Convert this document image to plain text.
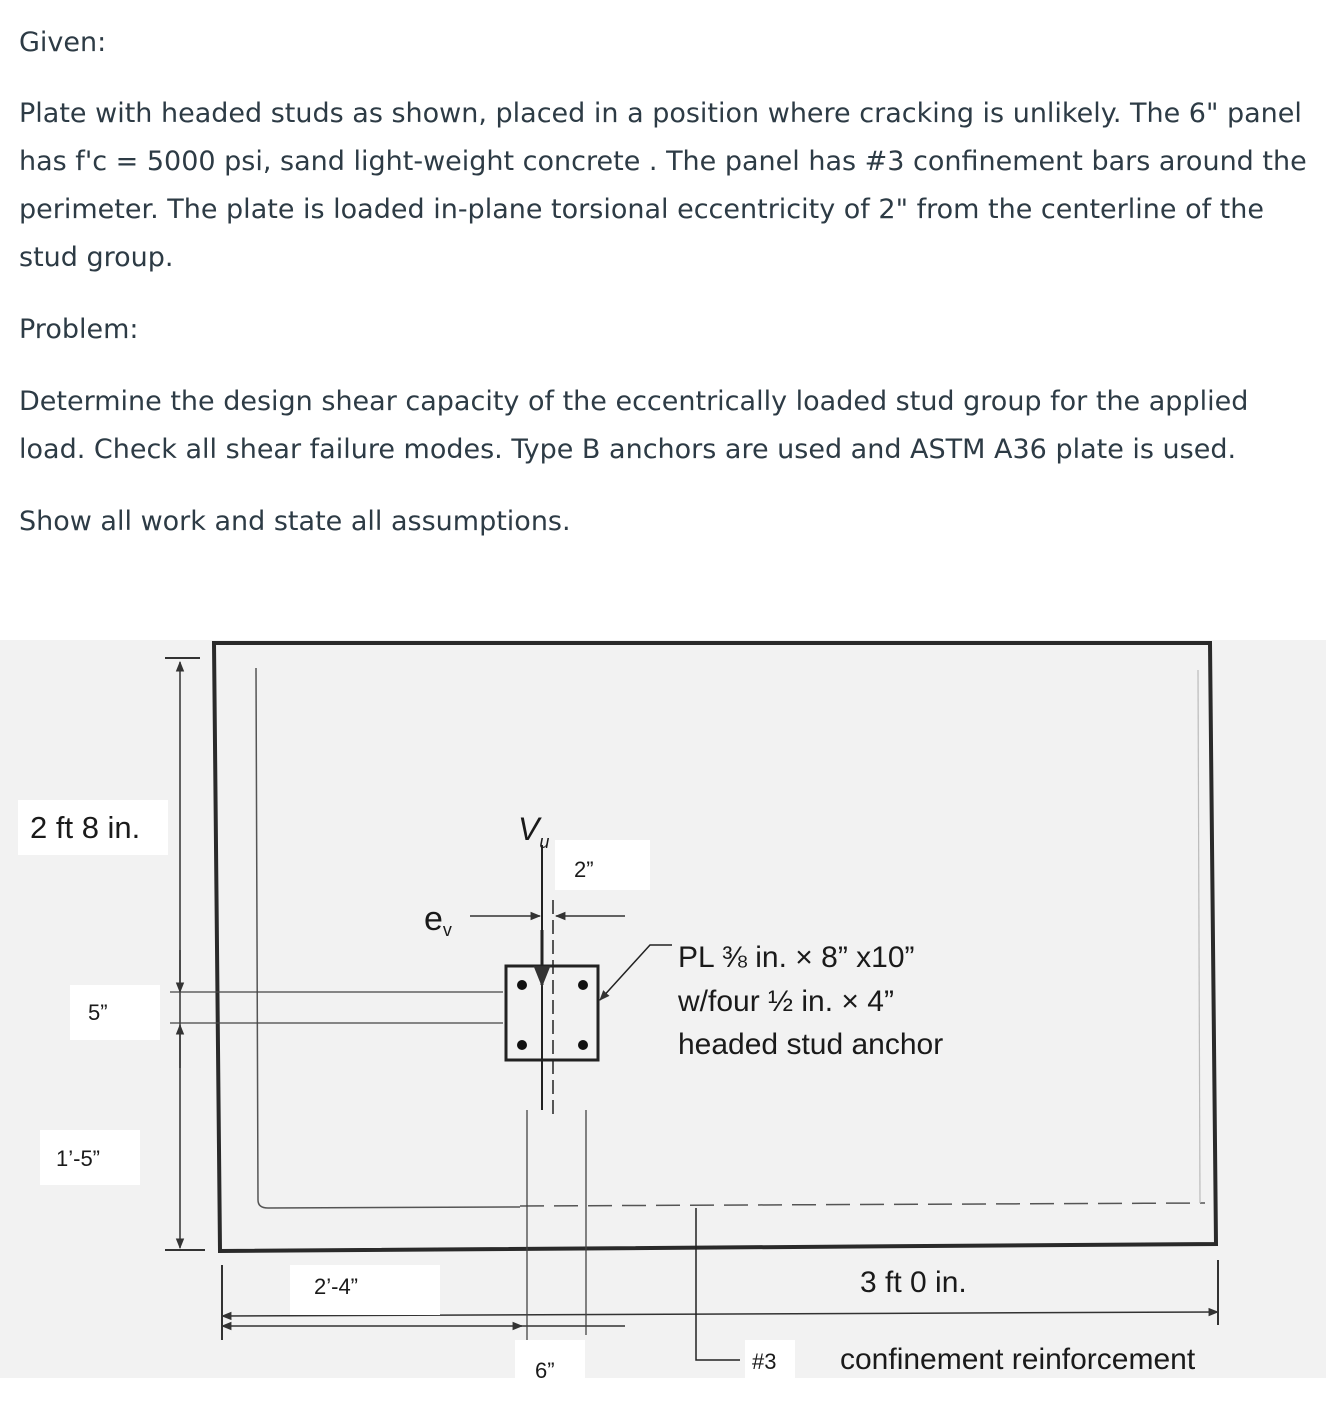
Given:

Plate with headed studs as shown, placed in a position where cracking is unlikely. The 6" panel has f'c = 5000 psi, sand light-weight concrete . The panel has #3 confinement bars around the perimeter. The plate is loaded in-plane torsional eccentricity of 2" from the centerline of the stud group.

Problem:

Determine the design shear capacity of the eccentrically loaded stud group for the applied load. Check all shear failure modes. Type B anchors are used and ASTM A36 plate is used.

Show all work and state all assumptions.

2 ft 8 in.
5”
1’-5”
2’-4”
6”
2”
3 ft 0 in.
$V_u$
ev
PL ⅜ in. × 8” x10”
w/four ½ in. × 4”
headed stud anchor
#3 confinement reinforcement
